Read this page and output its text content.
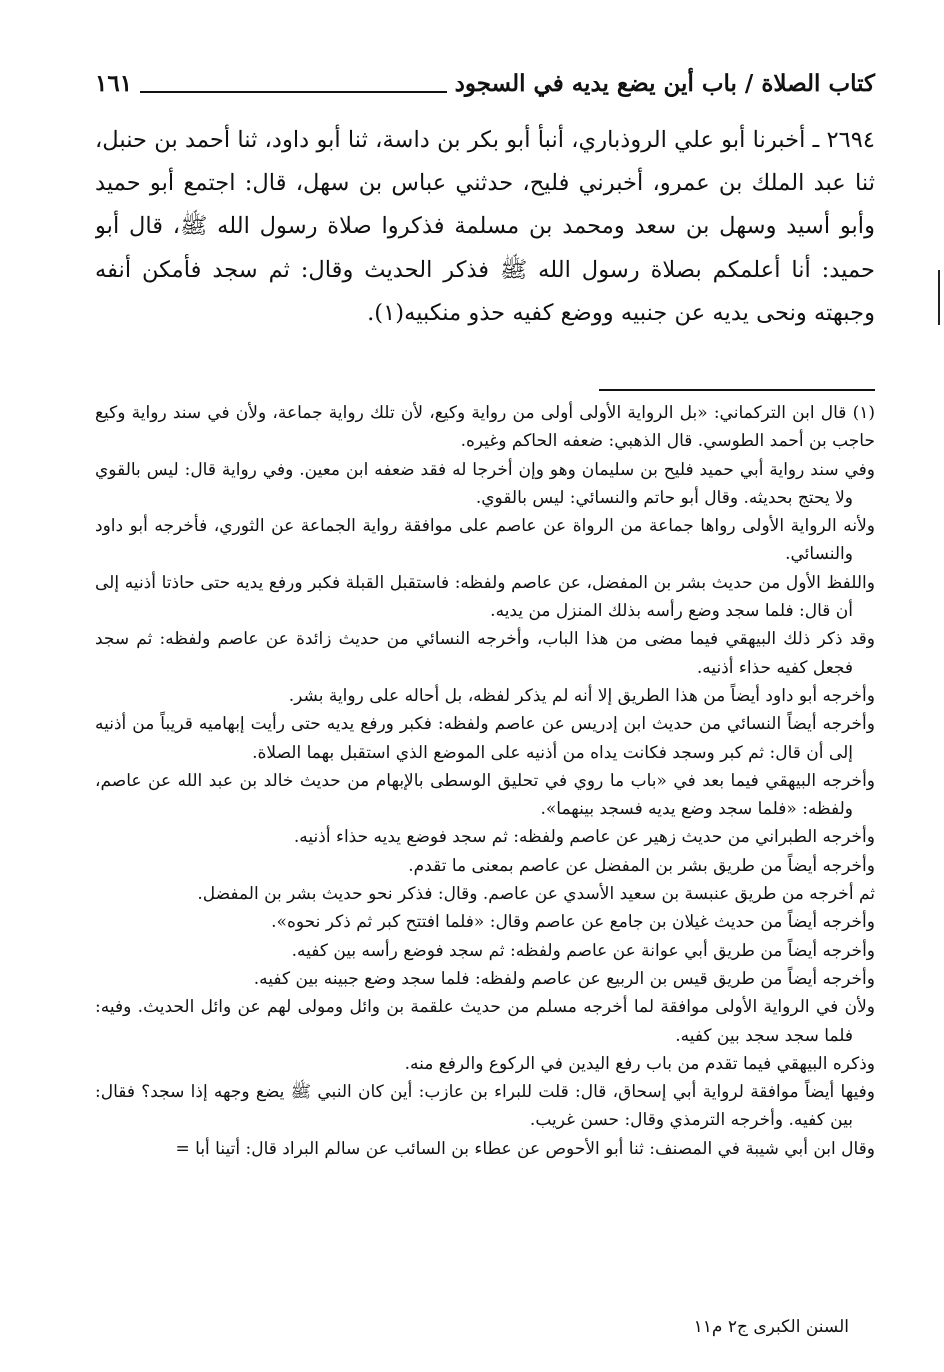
كتاب الصلاة / باب أين يضع يديه في السجود
١٦١

٢٦٩٤ ـ أخبرنا أبو علي الروذباري، أنبأ أبو بكر بن داسة، ثنا أبو داود، ثنا أحمد بن حنبل، ثنا عبد الملك بن عمرو، أخبرني فليح، حدثني عباس بن سهل، قال: اجتمع أبو حميد وأبو أسيد وسهل بن سعد ومحمد بن مسلمة فذكروا صلاة رسول الله ﷺ، قال أبو حميد: أنا أعلمكم بصلاة رسول الله ﷺ فذكر الحديث وقال: ثم سجد فأمكن أنفه وجبهته ونحى يديه عن جنبيه ووضع كفيه حذو منكبيه(١).

(١) قال ابن التركماني: «بل الرواية الأولى أولى من رواية وكيع، لأن تلك رواية جماعة، ولأن في سند رواية وكيع حاجب بن أحمد الطوسي. قال الذهبي: ضعفه الحاكم وغيره.

وفي سند رواية أبي حميد فليح بن سليمان وهو وإن أخرجا له فقد ضعفه ابن معين. وفي رواية قال: ليس بالقوي ولا يحتج بحديثه. وقال أبو حاتم والنسائي: ليس بالقوي.

ولأنه الرواية الأولى رواها جماعة من الرواة عن عاصم على موافقة رواية الجماعة عن الثوري، فأخرجه أبو داود والنسائي.

واللفظ الأول من حديث بشر بن المفضل، عن عاصم ولفظه: فاستقبل القبلة فكبر ورفع يديه حتى حاذتا أذنيه إلى أن قال: فلما سجد وضع رأسه بذلك المنزل من يديه.

وقد ذكر ذلك البيهقي فيما مضى من هذا الباب، وأخرجه النسائي من حديث زائدة عن عاصم ولفظه: ثم سجد فجعل كفيه حذاء أذنيه.

وأخرجه أبو داود أيضاً من هذا الطريق إلا أنه لم يذكر لفظه، بل أحاله على رواية بشر.

وأخرجه أيضاً النسائي من حديث ابن إدريس عن عاصم ولفظه: فكبر ورفع يديه حتى رأيت إبهاميه قريباً من أذنيه إلى أن قال: ثم كبر وسجد فكانت يداه من أذنيه على الموضع الذي استقبل بهما الصلاة.

وأخرجه البيهقي فيما بعد في «باب ما روي في تحليق الوسطى بالإبهام من حديث خالد بن عبد الله عن عاصم، ولفظه: «فلما سجد وضع يديه فسجد بينهما».

وأخرجه الطبراني من حديث زهير عن عاصم ولفظه: ثم سجد فوضع يديه حذاء أذنيه.

وأخرجه أيضاً من طريق بشر بن المفضل عن عاصم بمعنى ما تقدم.

ثم أخرجه من طريق عنبسة بن سعيد الأسدي عن عاصم. وقال: فذكر نحو حديث بشر بن المفضل.

وأخرجه أيضاً من حديث غيلان بن جامع عن عاصم وقال: «فلما افتتح كبر ثم ذكر نحوه».

وأخرجه أيضاً من طريق أبي عوانة عن عاصم ولفظه: ثم سجد فوضع رأسه بين كفيه.

وأخرجه أيضاً من طريق قيس بن الربيع عن عاصم ولفظه: فلما سجد وضع جبينه بين كفيه.

ولأن في الرواية الأولى موافقة لما أخرجه مسلم من حديث علقمة بن وائل ومولى لهم عن وائل الحديث. وفيه: فلما سجد سجد بين كفيه.

وذكره البيهقي فيما تقدم من باب رفع اليدين في الركوع والرفع منه.

وفيها أيضاً موافقة لرواية أبي إسحاق، قال: قلت للبراء بن عازب: أين كان النبي ﷺ يضع وجهه إذا سجد؟ فقال: بين كفيه. وأخرجه الترمذي وقال: حسن غريب.

وقال ابن أبي شيبة في المصنف: ثنا أبو الأحوص عن عطاء بن السائب عن سالم البراد قال: أتينا أبا =

السنن الكبرى ج٢ م١١
